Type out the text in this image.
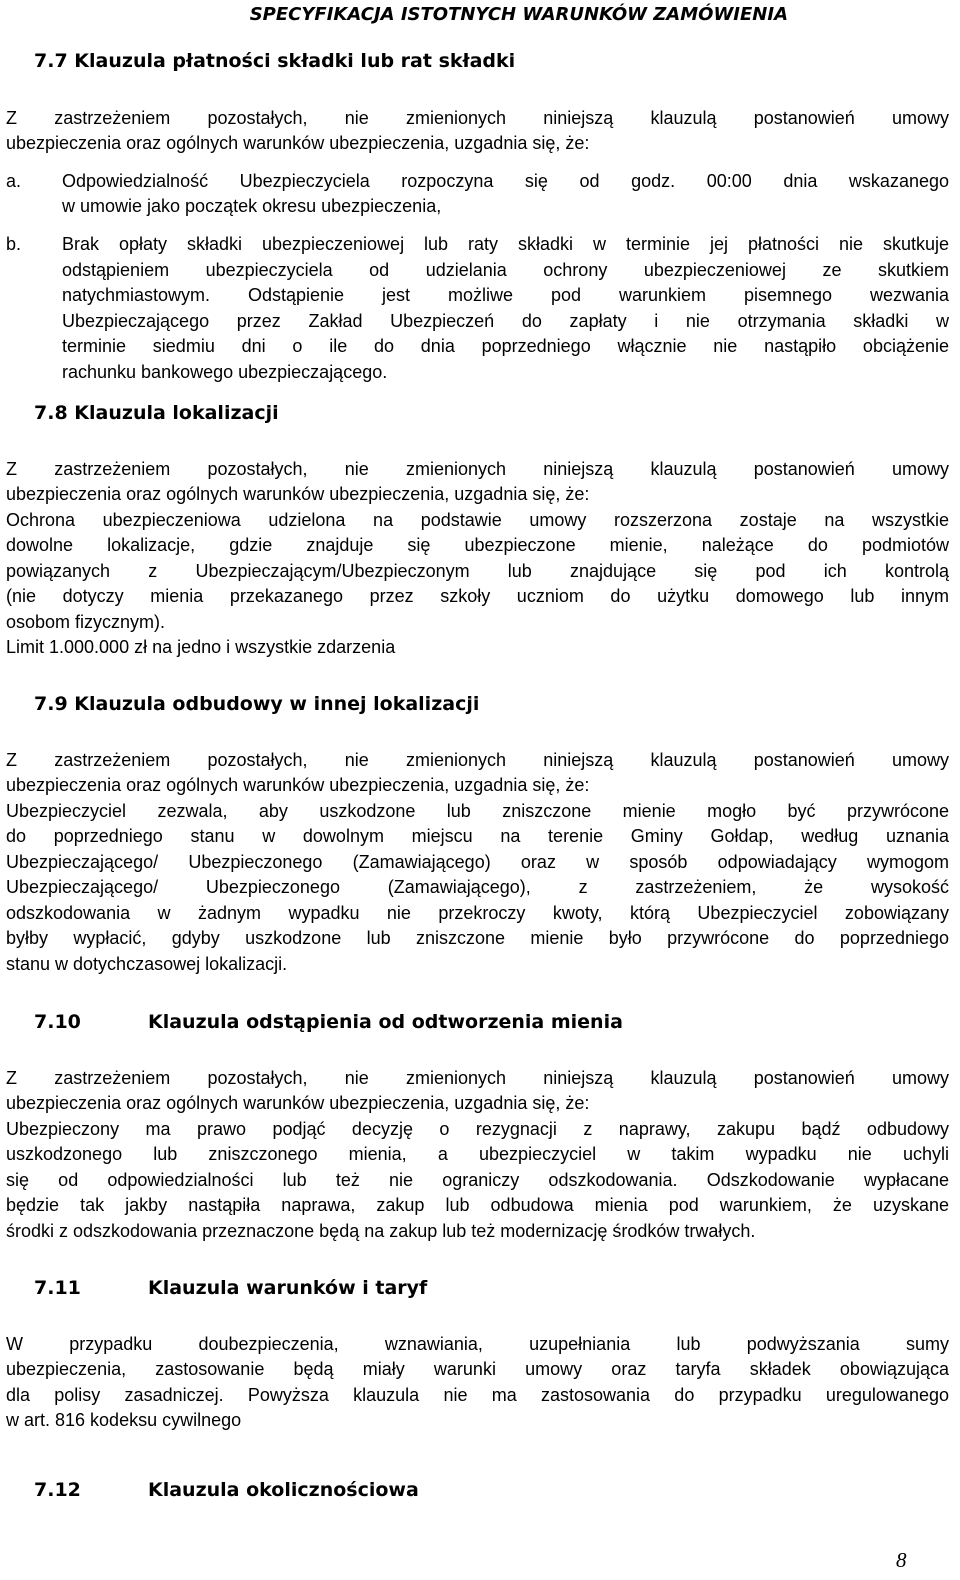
SPECYFIKACJA ISTOTNYCH WARUNKÓW ZAMÓWIENIA
7.7 Klauzula płatności składki lub rat składki

Z zastrzeżeniem pozostałych, nie zmienionych niniejszą klauzulą postanowień umowy

ubezpieczenia oraz ogólnych warunków ubezpieczenia, uzgadnia się, że:

a. Odpowiedzialność Ubezpieczyciela rozpoczyna się od godz. 00:00 dnia wskazanego

w umowie jako początek okresu ubezpieczenia,

b. Brak opłaty składki ubezpieczeniowej lub raty składki w terminie jej płatności nie skutkuje

odstąpieniem ubezpieczyciela od udzielania ochrony ubezpieczeniowej ze skutkiem

natychmiastowym. Odstąpienie jest możliwe pod warunkiem pisemnego wezwania

Ubezpieczającego przez Zakład Ubezpieczeń do zapłaty i nie otrzymania składki w

terminie siedmiu dni o ile do dnia poprzedniego włącznie nie nastąpiło obciążenie

rachunku bankowego ubezpieczającego.

7.8 Klauzula lokalizacji

Z zastrzeżeniem pozostałych, nie zmienionych niniejszą klauzulą postanowień umowy

ubezpieczenia oraz ogólnych warunków ubezpieczenia, uzgadnia się, że:

Ochrona ubezpieczeniowa udzielona na podstawie umowy rozszerzona zostaje na wszystkie

dowolne lokalizacje, gdzie znajduje się ubezpieczone mienie, należące do podmiotów

powiązanych z Ubezpieczającym/Ubezpieczonym lub znajdujące się pod ich kontrolą

(nie dotyczy mienia przekazanego przez szkoły uczniom do użytku domowego lub innym

osobom fizycznym).

Limit 1.000.000 zł na jedno i wszystkie zdarzenia

7.9 Klauzula odbudowy w innej lokalizacji

Z zastrzeżeniem pozostałych, nie zmienionych niniejszą klauzulą postanowień umowy

ubezpieczenia oraz ogólnych warunków ubezpieczenia, uzgadnia się, że:

Ubezpieczyciel zezwala, aby uszkodzone lub zniszczone mienie mogło być przywrócone

do poprzedniego stanu w dowolnym miejscu na terenie Gminy Gołdap, według uznania

Ubezpieczającego/ Ubezpieczonego (Zamawiającego) oraz w sposób odpowiadający wymogom

Ubezpieczającego/ Ubezpieczonego (Zamawiającego), z zastrzeżeniem, że wysokość

odszkodowania w żadnym wypadku nie przekroczy kwoty, którą Ubezpieczyciel zobowiązany

byłby wypłacić, gdyby uszkodzone lub zniszczone mienie było przywrócone do poprzedniego

stanu w dotychczasowej lokalizacji.

7.10	Klauzula odstąpienia od odtworzenia mienia

Z zastrzeżeniem pozostałych, nie zmienionych niniejszą klauzulą postanowień umowy

ubezpieczenia oraz ogólnych warunków ubezpieczenia, uzgadnia się, że:

Ubezpieczony ma prawo podjąć decyzję o rezygnacji z naprawy, zakupu bądź odbudowy

uszkodzonego lub zniszczonego mienia, a ubezpieczyciel w takim wypadku nie uchyli

się od odpowiedzialności lub też nie ograniczy odszkodowania. Odszkodowanie wypłacane

będzie tak jakby nastąpiła naprawa, zakup lub odbudowa mienia pod warunkiem, że uzyskane

środki z odszkodowania przeznaczone będą na zakup lub też modernizację środków trwałych.

7.11	Klauzula warunków i taryf

W przypadku doubezpieczenia, wznawiania, uzupełniania lub podwyższania sumy

ubezpieczenia, zastosowanie będą miały warunki umowy oraz taryfa składek obowiązująca

dla polisy zasadniczej. Powyższa klauzula nie ma zastosowania do przypadku uregulowanego

w art. 816 kodeksu cywilnego

7.12	Klauzula okolicznościowa
8
